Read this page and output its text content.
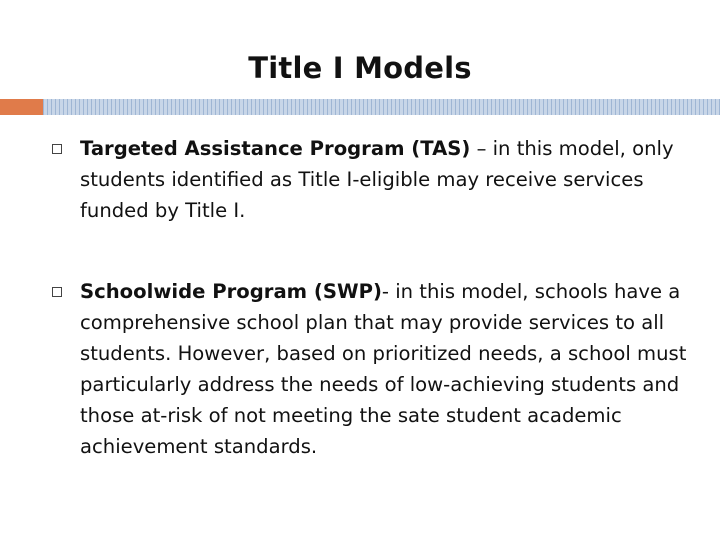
Title I Models
Targeted Assistance Program (TAS) – in this model, only students identified as Title I-eligible may receive services funded by Title I.
Schoolwide Program (SWP)- in this model, schools have a comprehensive school plan that may provide services to all students. However, based on prioritized needs, a school must particularly address the needs of low-achieving students and those at-risk of not meeting the sate student academic achievement standards.
